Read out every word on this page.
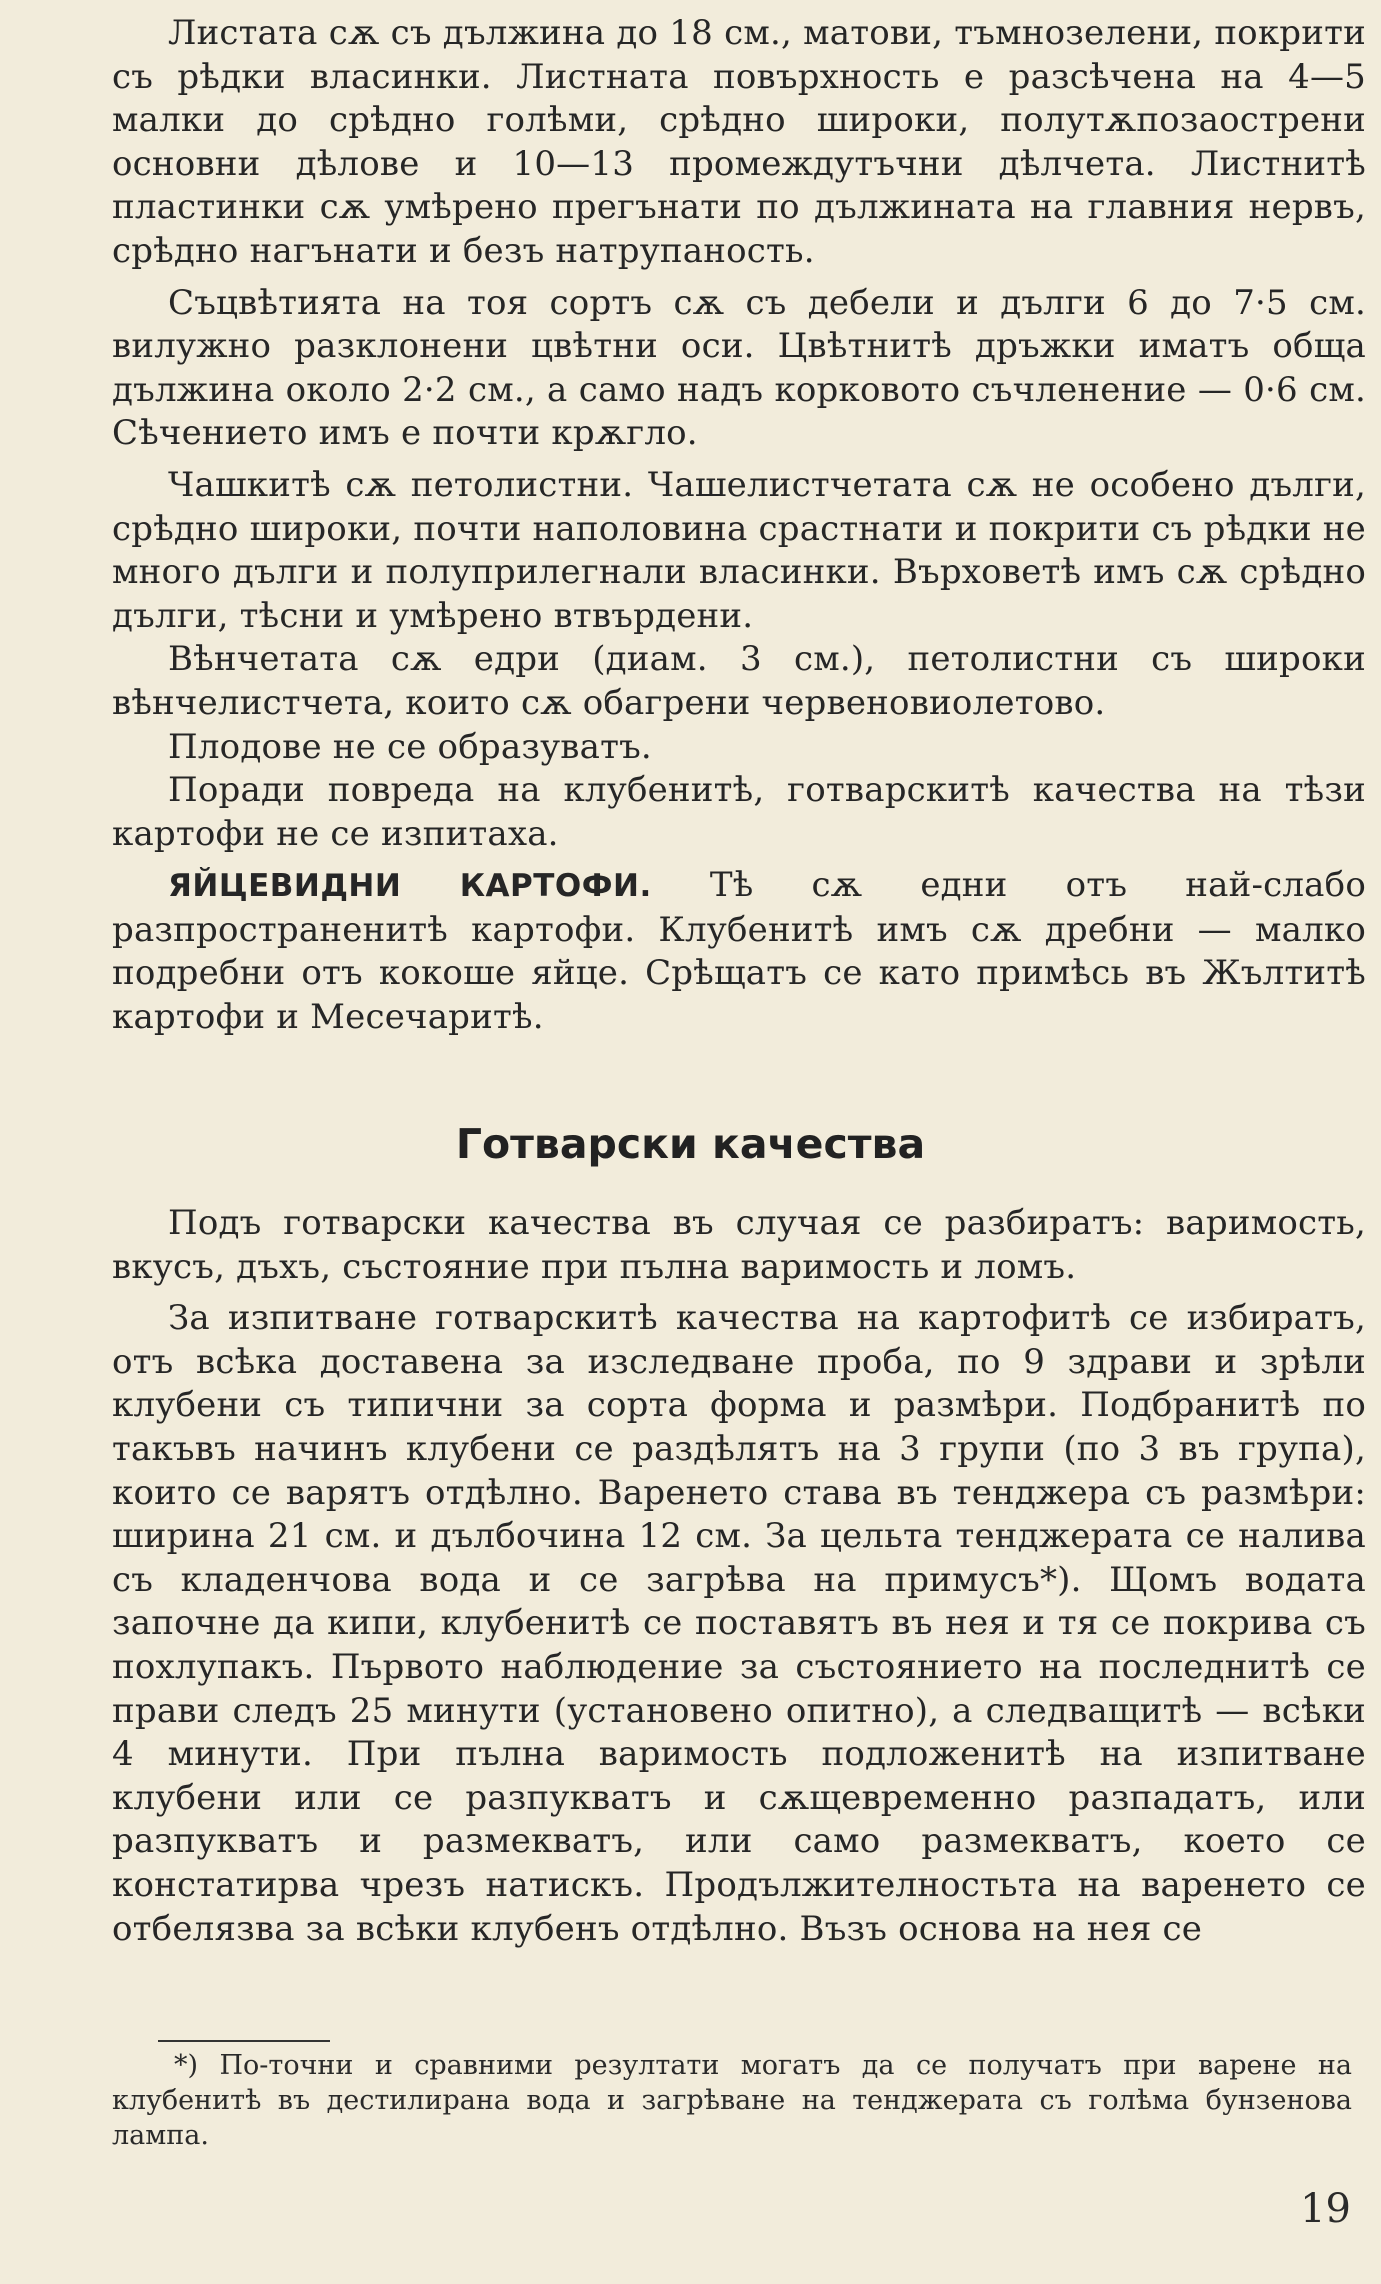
Листата сѫ съ дължина до 18 см., матови, тъмнозелени, покрити съ рѣдки власинки. Листната повърхность е разсѣчена на 4—5 малки до срѣдно голѣми, срѣдно широки, полутѫпозаострени основни дѣлове и 10—13 промеждутъчни дѣлчета. Листнитѣ пластинки сѫ умѣрено прегънати по дължината на главния нервъ, срѣдно нагънати и безъ натрупаность.

Съцвѣтията на тоя сортъ сѫ съ дебели и дълги 6 до 7·5 см. вилужно разклонени цвѣтни оси. Цвѣтнитѣ дръжки иматъ обща дължина около 2·2 см., а само надъ корковото съчленение — 0·6 см. Сѣчението имъ е почти крѫгло.

Чашкитѣ сѫ петолистни. Чашелистчетата сѫ не особено дълги, срѣдно широки, почти наполовина срастнати и покрити съ рѣдки не много дълги и полуприлегнали власинки. Върховетѣ имъ сѫ срѣдно дълги, тѣсни и умѣрено втвърдени.

Вѣнчетата сѫ едри (диам. 3 см.), петолистни съ широки вѣнчелистчета, които сѫ обагрени червеновиолетово.

Плодове не се образуватъ.

Поради повреда на клубенитѣ, готварскитѣ качества на тѣзи картофи не се изпитаха.

ЯЙЦЕВИДНИ КАРТОФИ. Тѣ сѫ едни отъ най-слабо разпространенитѣ картофи. Клубенитѣ имъ сѫ дребни — малко подребни отъ кокоше яйце. Срѣщатъ се като примѣсь въ Жълтитѣ картофи и Месечаритѣ.

Готварски качества

Подъ готварски качества въ случая се разбиратъ: варимость, вкусъ, дъхъ, състояние при пълна варимость и ломъ.

За изпитване готварскитѣ качества на картофитѣ се избиратъ, отъ всѣка доставена за изследване проба, по 9 здрави и зрѣли клубени съ типични за сорта форма и размѣри. Подбранитѣ по такъвъ начинъ клубени се раздѣлятъ на 3 групи (по 3 въ група), които се варятъ отдѣлно. Варенето става въ тенджера съ размѣри: ширина 21 см. и дълбочина 12 см. За цельта тенджерата се налива съ кладенчова вода и се загрѣва на примусъ*). Щомъ водата започне да кипи, клубенитѣ се поставятъ въ нея и тя се покрива съ похлупакъ. Първото наблюдение за състоянието на последнитѣ се прави следъ 25 минути (установено опитно), а следващитѣ — всѣки 4 минути. При пълна варимость подложенитѣ на изпитване клубени или се разпукватъ и сѫщевременно разпадатъ, или разпукватъ и размекватъ, или само размекватъ, което се констатирва чрезъ натискъ. Продължителностьта на варенето се отбелязва за всѣки клубенъ отдѣлно. Възъ основа на нея се

*) По-точни и сравними резултати могатъ да се получатъ при варене на клубенитѣ въ дестилирана вода и загрѣване на тенджерата съ голѣма бунзенова лампа.

19
